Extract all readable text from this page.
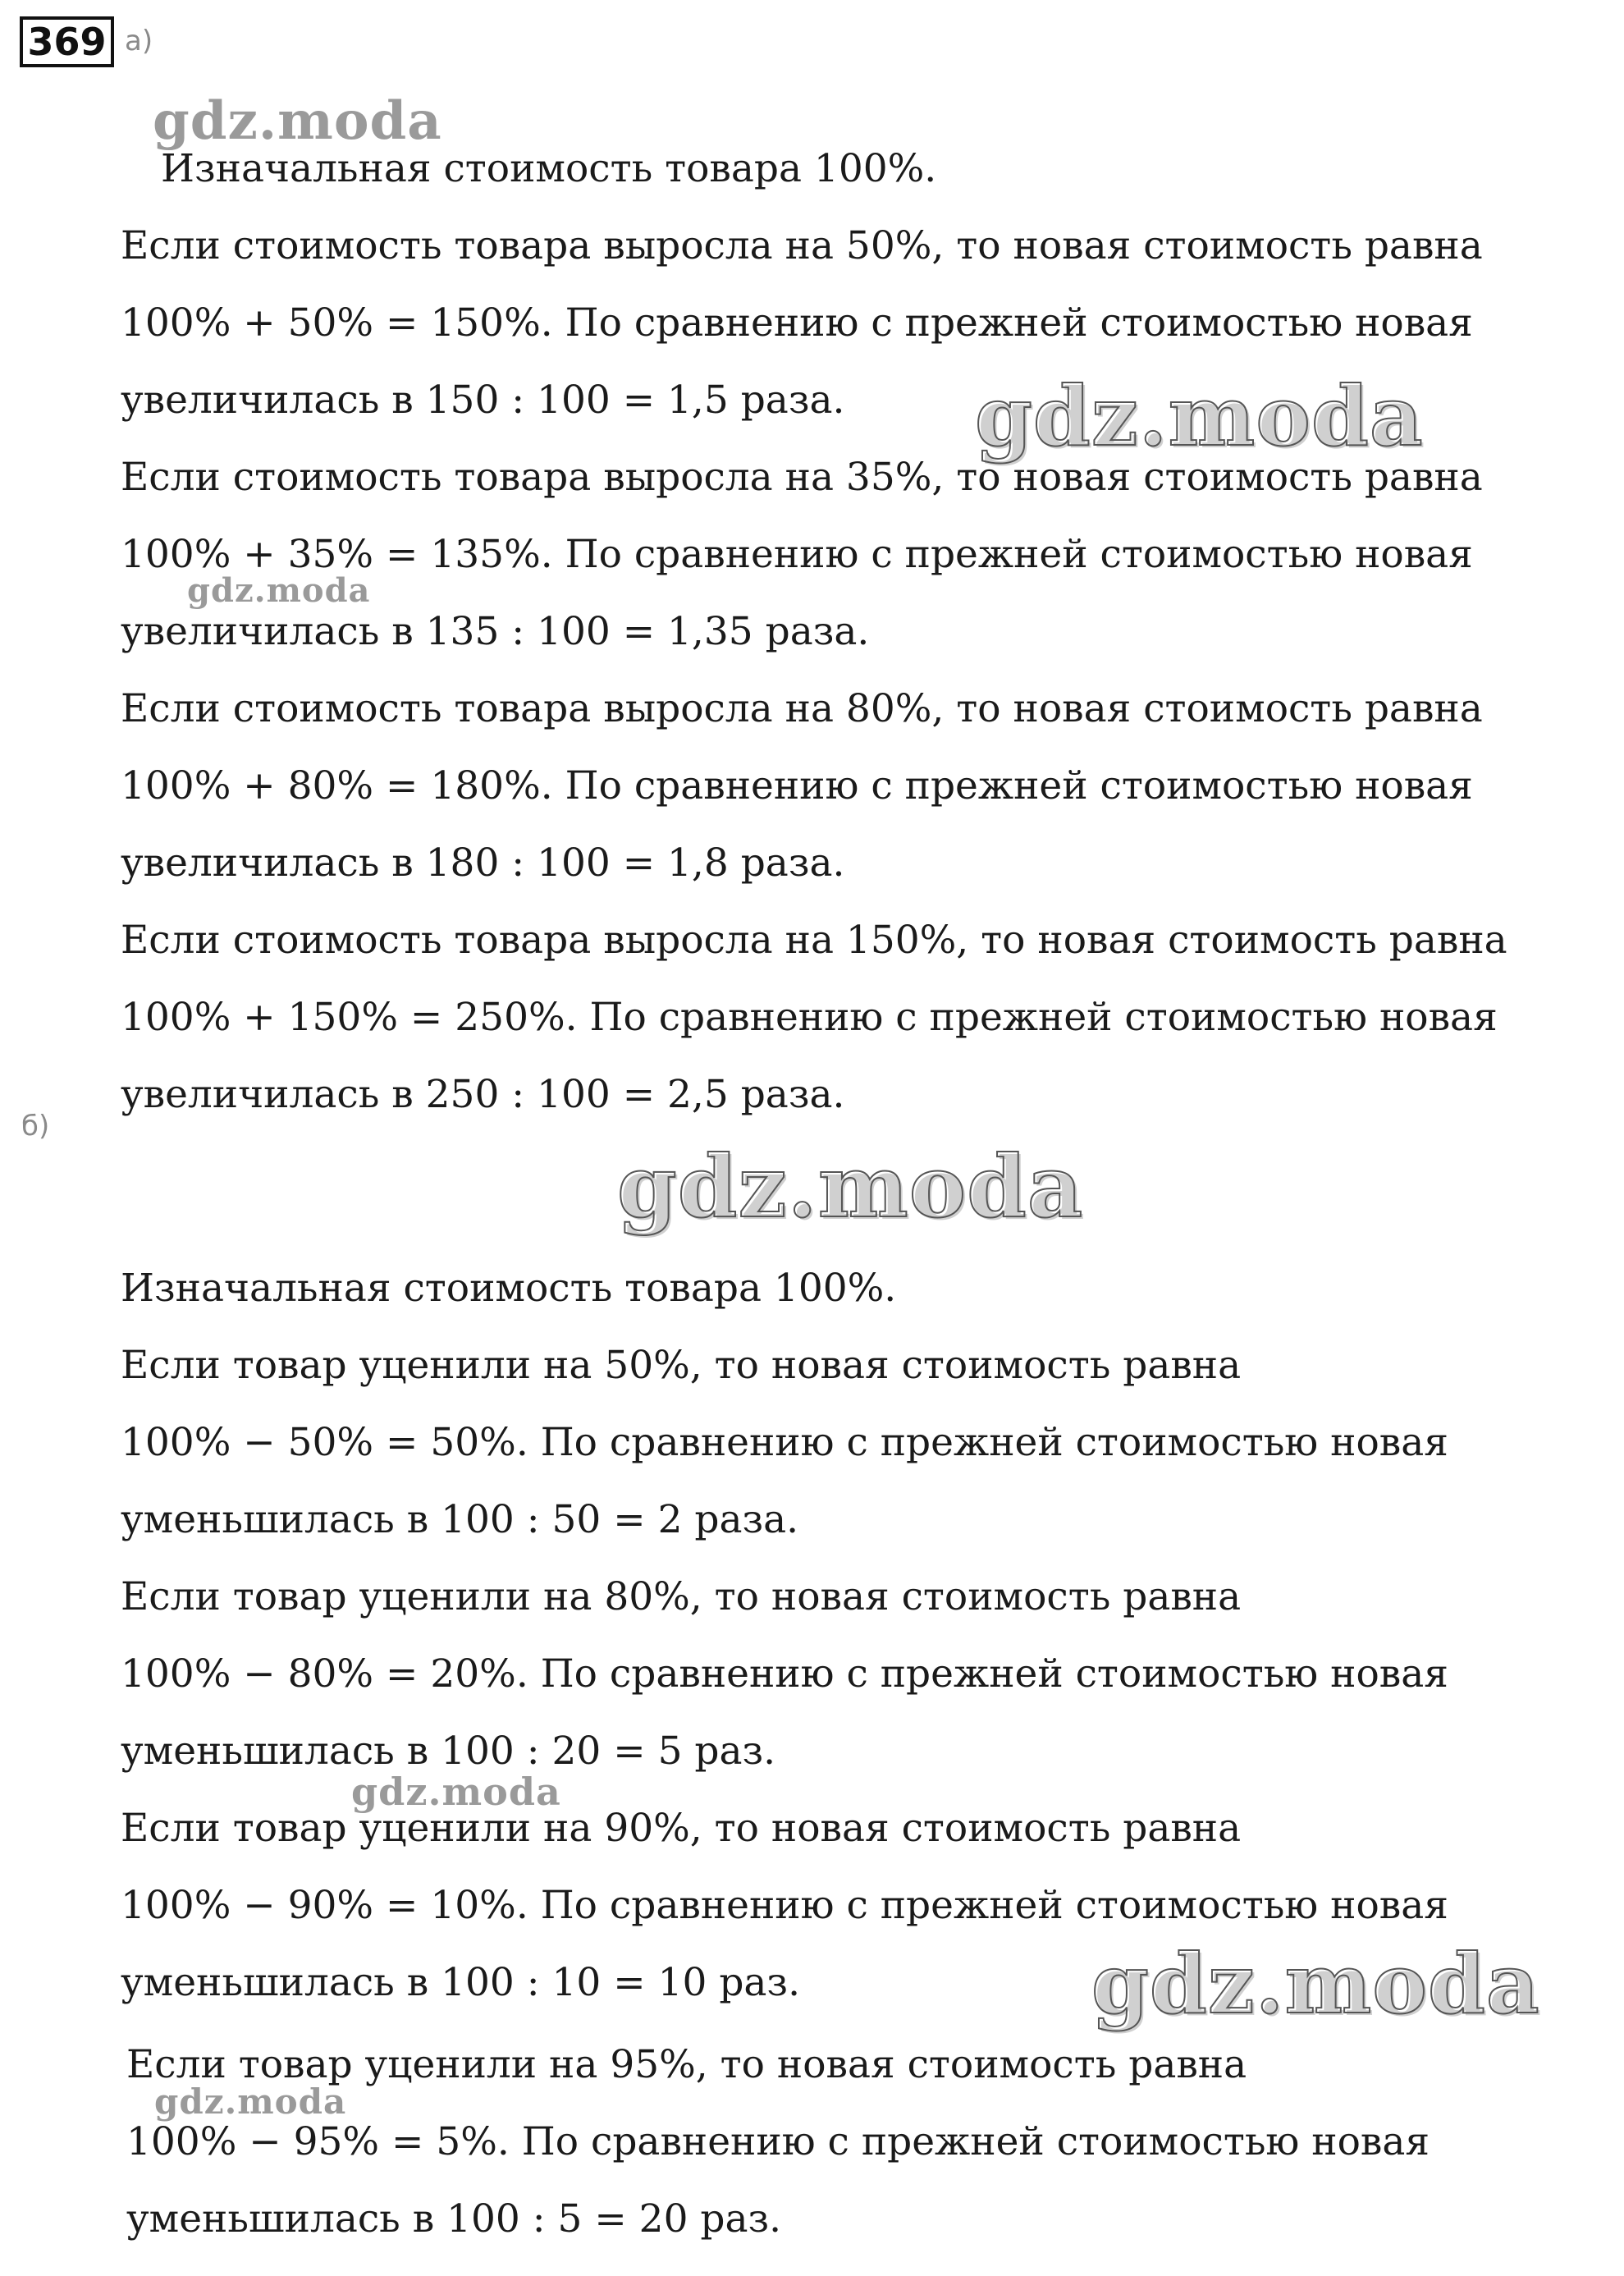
369 а)
б)
Изначальная стоимость товара 100%.
Если стоимость товара выросла на 50%, то новая стоимость равна
100% + 50% = 150%. По сравнению с прежней стоимостью новая
увеличилась в 150 : 100 = 1,5 раза.
Если стоимость товара выросла на 35%, то новая стоимость равна
100% + 35% = 135%. По сравнению с прежней стоимостью новая
увеличилась в 135 : 100 = 1,35 раза.
Если стоимость товара выросла на 80%, то новая стоимость равна
100% + 80% = 180%. По сравнению с прежней стоимостью новая
увеличилась в 180 : 100 = 1,8 раза.
Если стоимость товара выросла на 150%, то новая стоимость равна
100% + 150% = 250%. По сравнению с прежней стоимостью новая
увеличилась в 250 : 100 = 2,5 раза.
Изначальная стоимость товара 100%.
Если товар уценили на 50%, то новая стоимость равна
100% − 50% = 50%. По сравнению с прежней стоимостью новая
уменьшилась в 100 : 50 = 2 раза.
Если товар уценили на 80%, то новая стоимость равна
100% − 80% = 20%. По сравнению с прежней стоимостью новая
уменьшилась в 100 : 20 = 5 раз.
Если товар уценили на 90%, то новая стоимость равна
100% − 90% = 10%. По сравнению с прежней стоимостью новая
уменьшилась в 100 : 10 = 10 раз.
Если товар уценили на 95%, то новая стоимость равна
100% − 95% = 5%. По сравнению с прежней стоимостью новая
уменьшилась в 100 : 5 = 20 раз.
gdz.moda
gdz.moda
gdz.moda
gdz.moda
gdz.moda
gdz.moda
gdz.moda
